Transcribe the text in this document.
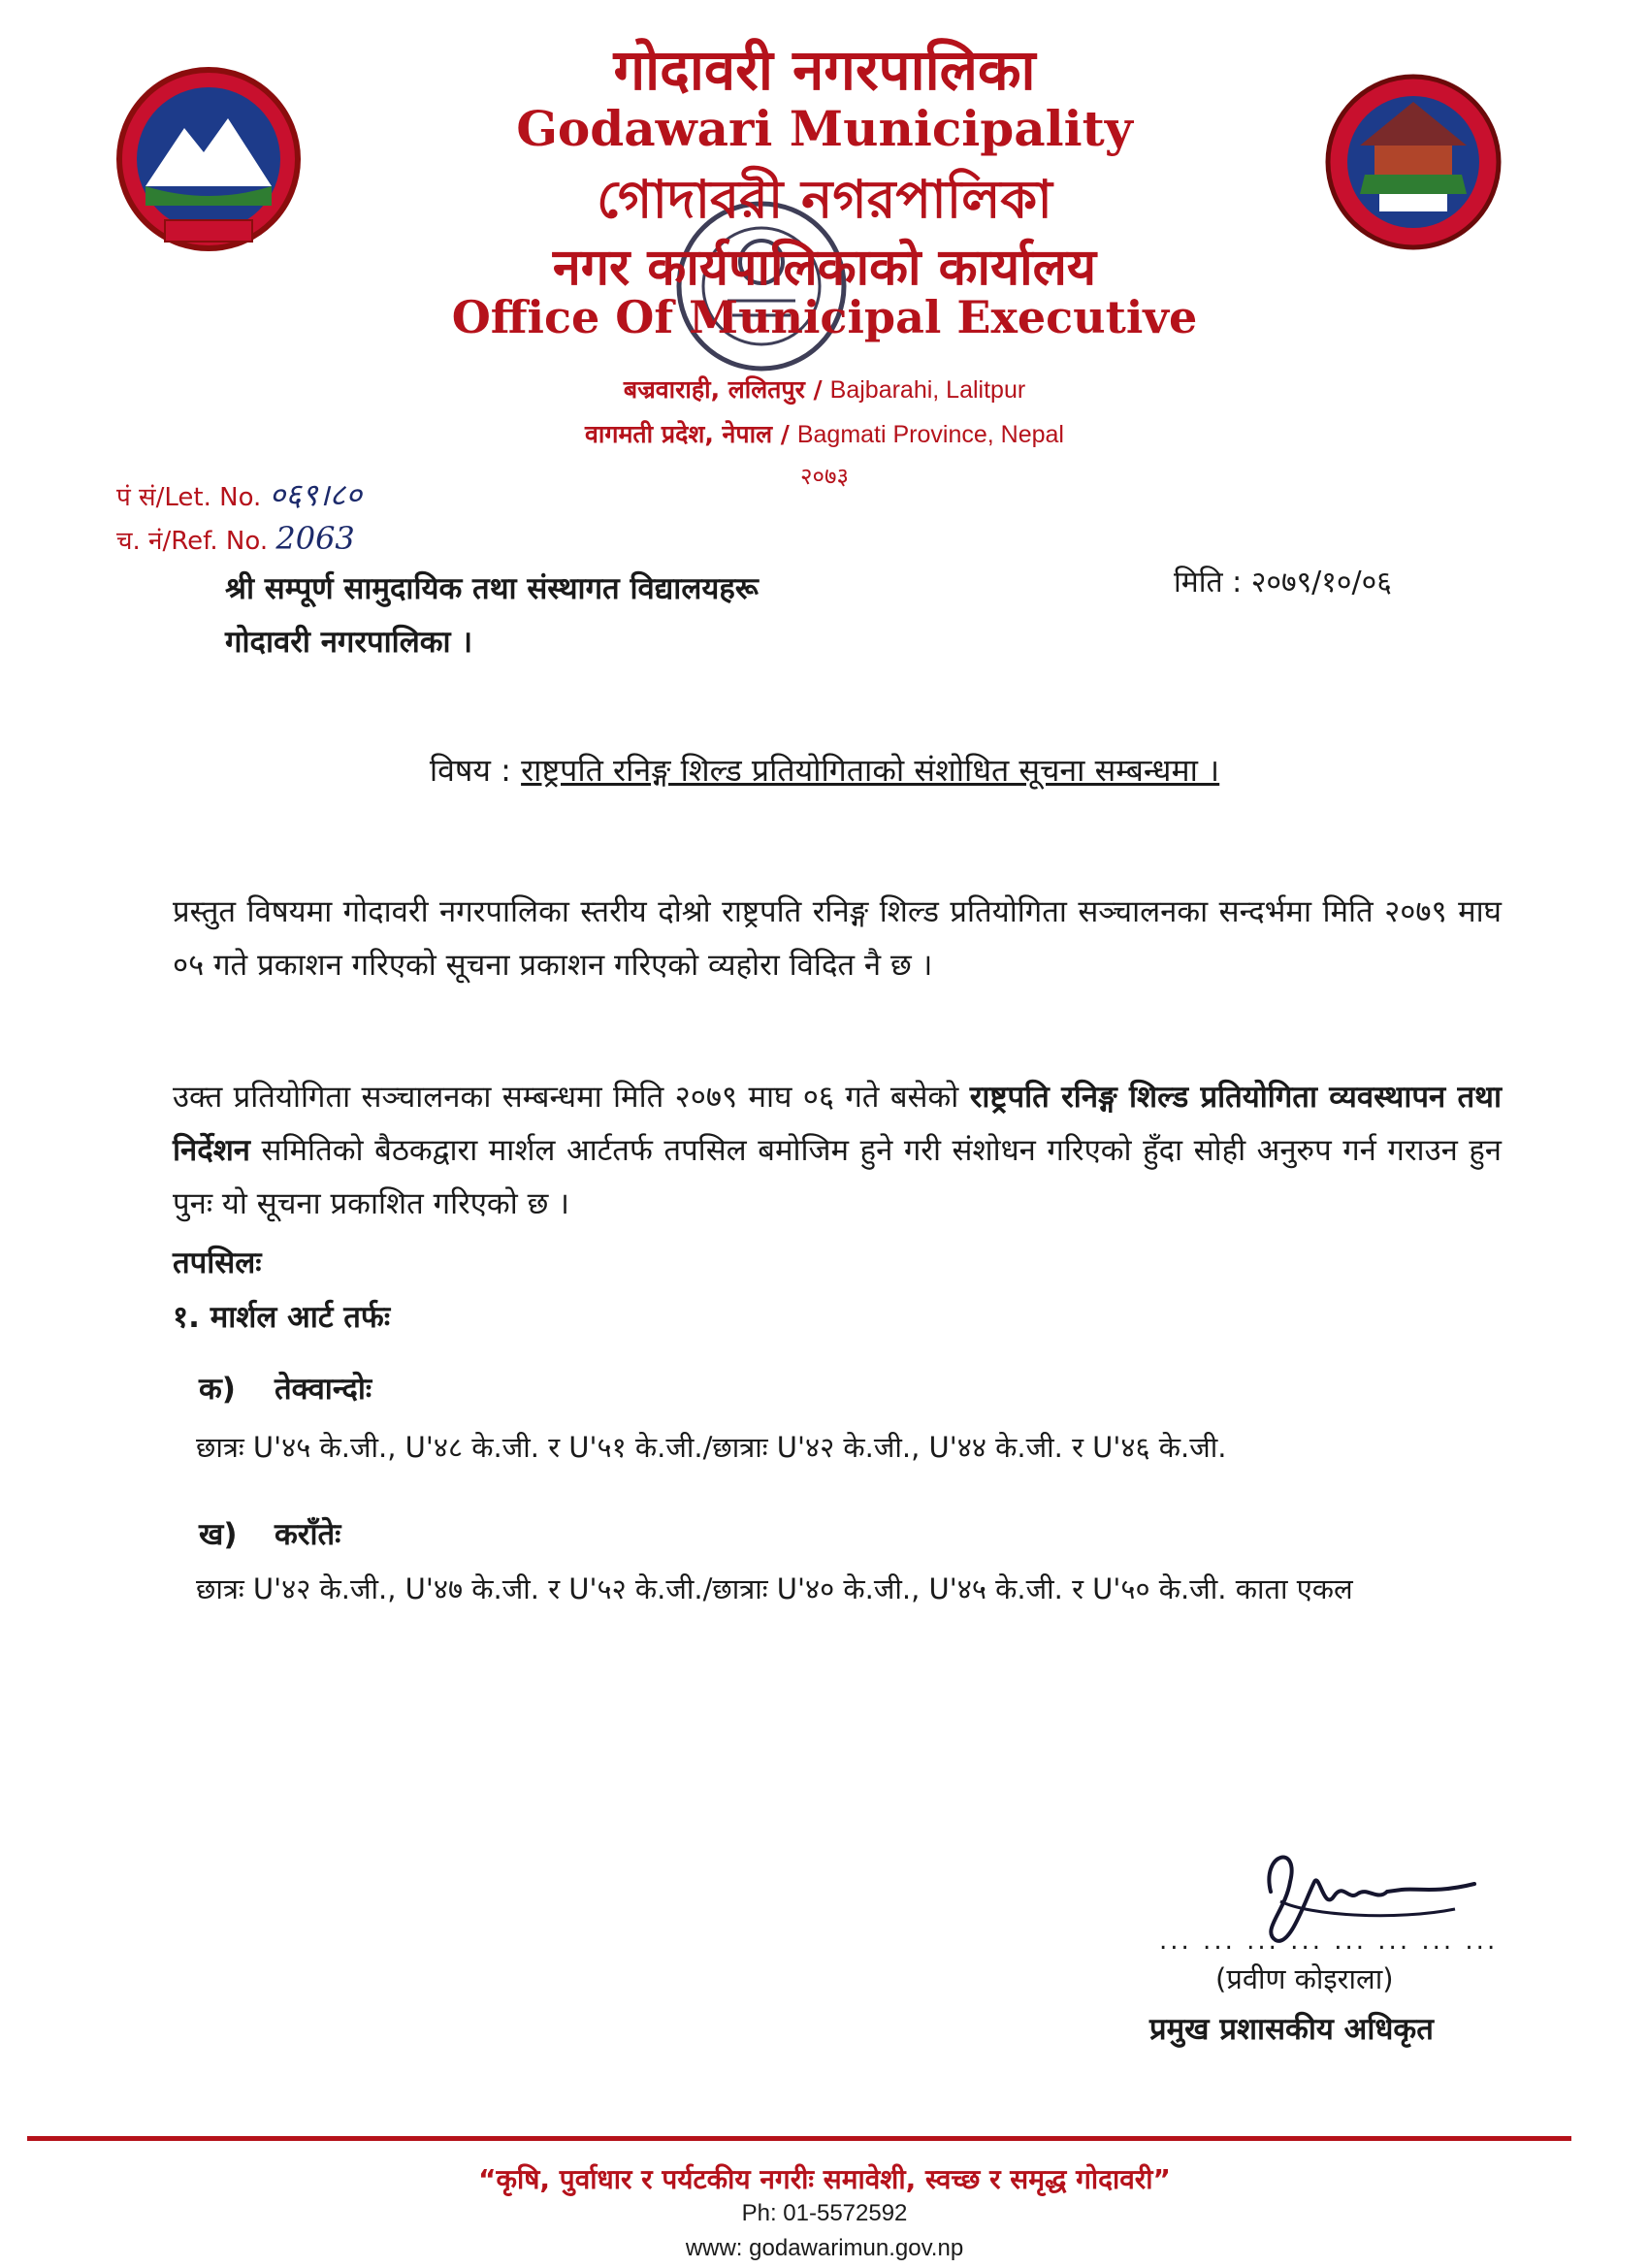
गोदावरी नगरपालिका
Godawari Municipality
গোদাবরী নগরপালিকা
नगर कार्यपालिकाको कार्यालय
Office Of Municipal Executive
बज्रवाराही, ललितपुर / Bajbarahi, Lalitpur
वागमती प्रदेश, नेपाल / Bagmati Province, Nepal
२०७३
पं सं/Let. No. ०६९।८०
च. नं/Ref. No. 2063
मिति : २०७९/१०/०६
श्री सम्पूर्ण सामुदायिक तथा संस्थागत विद्यालयहरू
गोदावरी नगरपालिका ।
विषय : राष्ट्रपति रनिङ्ग शिल्ड प्रतियोगिताको संशोधित सूचना सम्बन्धमा ।
प्रस्तुत विषयमा गोदावरी नगरपालिका स्तरीय दोश्रो राष्ट्रपति रनिङ्ग शिल्ड प्रतियोगिता सञ्चालनका सन्दर्भमा मिति २०७९ माघ ०५ गते प्रकाशन गरिएको सूचना प्रकाशन गरिएको व्यहोरा विदित नै छ ।
उक्त प्रतियोगिता सञ्चालनका सम्बन्धमा मिति २०७९ माघ ०६ गते बसेको राष्ट्रपति रनिङ्ग शिल्ड प्रतियोगिता व्यवस्थापन तथा निर्देशन समितिको बैठकद्वारा मार्शल आर्टतर्फ तपसिल बमोजिम हुने गरी संशोधन गरिएको हुँदा सोही अनुरुप गर्न गराउन हुन पुनः यो सूचना प्रकाशित गरिएको छ ।
तपसिलः
१. मार्शल आर्ट तर्फः
क) तेक्वान्दोः
छात्रः U'४५ के.जी., U'४८ के.जी. र U'५१ के.जी./छात्राः U'४२ के.जी., U'४४ के.जी. र U'४६ के.जी.
ख) कराँतेः
छात्रः U'४२ के.जी., U'४७ के.जी. र U'५२ के.जी./छात्राः U'४० के.जी., U'४५ के.जी. र U'५० के.जी. काता एकल
... ... ... ... ... ... ... ...
(प्रवीण कोइराला)
प्रमुख प्रशासकीय अधिकृत
“कृषि, पुर्वाधार र पर्यटकीय नगरीः समावेशी, स्वच्छ र समृद्ध गोदावरी”
Ph: 01-5572592
www: godawarimun.gov.np
